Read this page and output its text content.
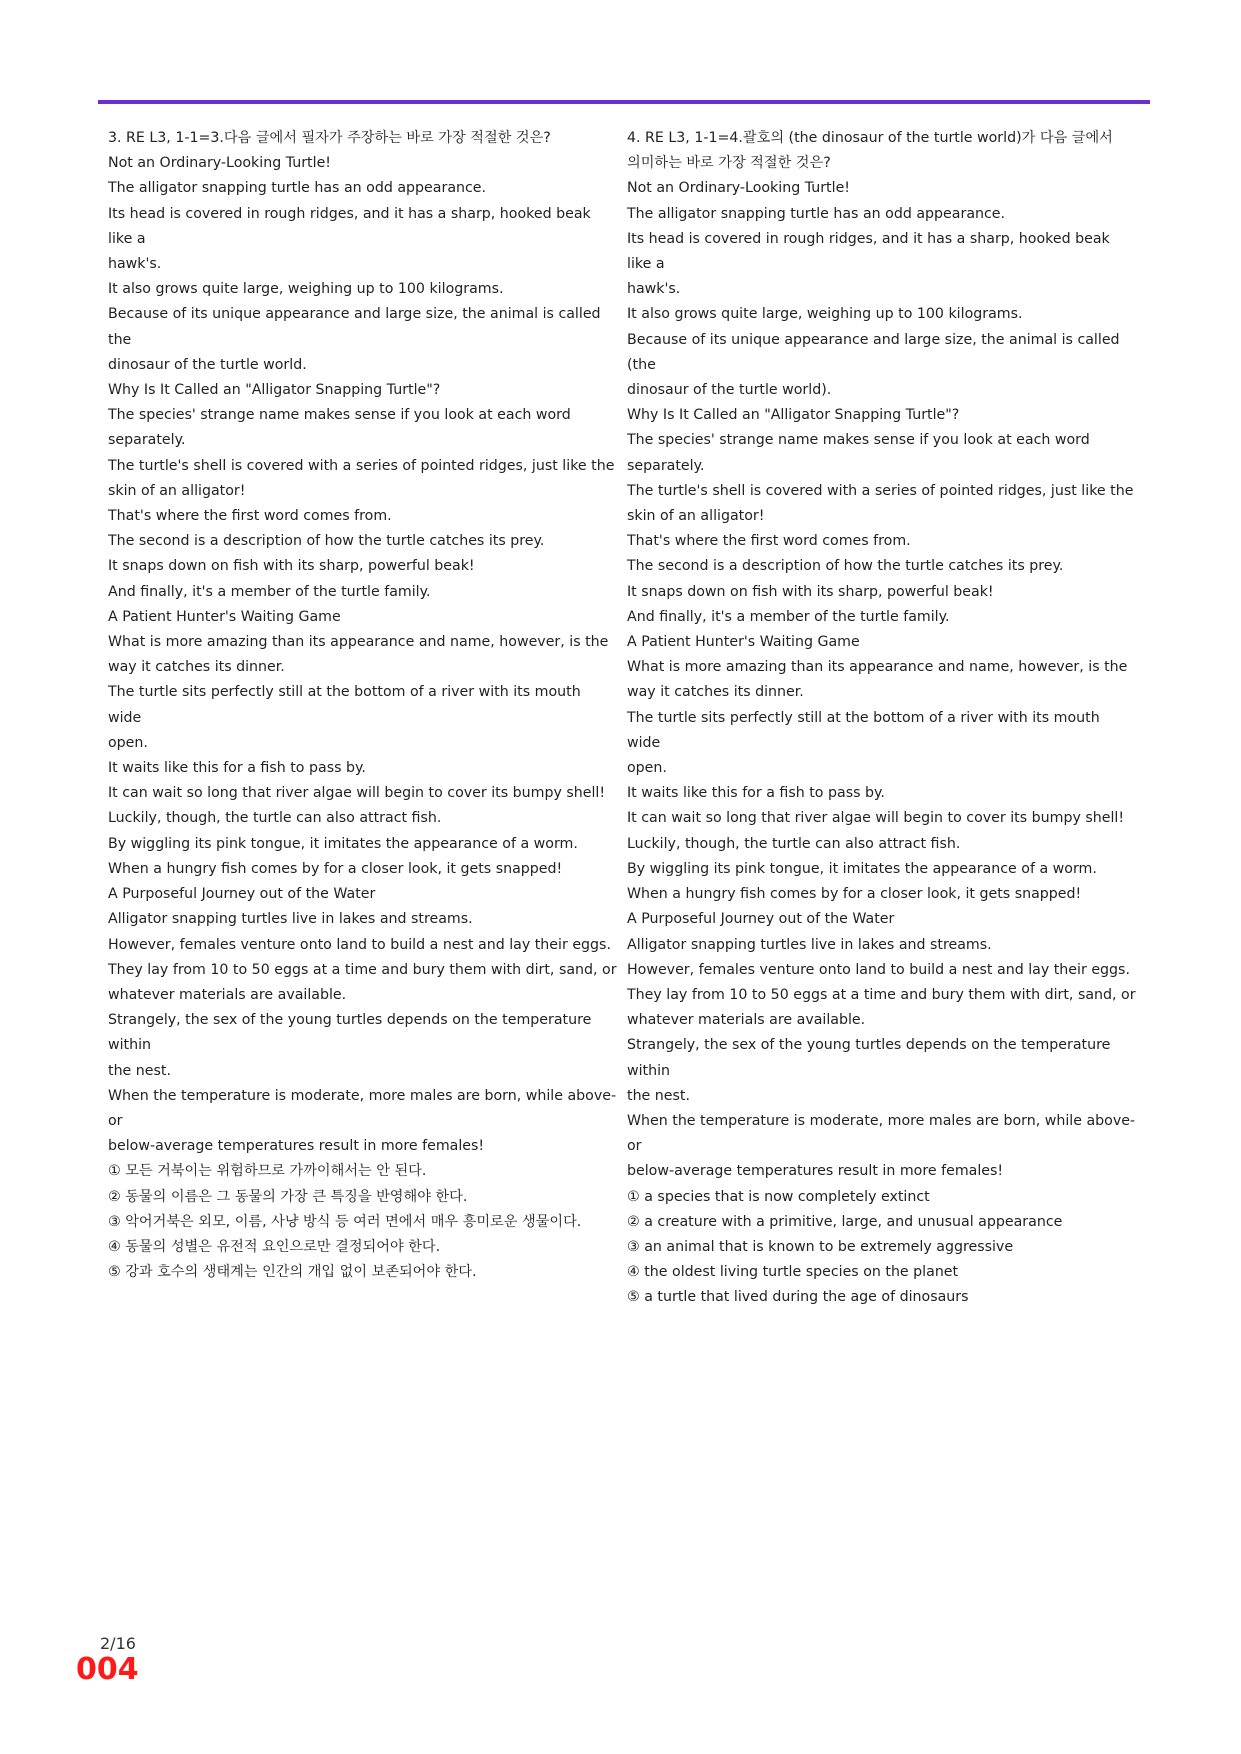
3. RE L3, 1-1=3.다음 글에서 필자가 주장하는 바로 가장 적절한 것은?

Not an Ordinary-Looking Turtle!

The alligator snapping turtle has an odd appearance.

Its head is covered in rough ridges, and it has a sharp, hooked beak like a

hawk's.

It also grows quite large, weighing up to 100 kilograms.

Because of its unique appearance and large size, the animal is called the

dinosaur of the turtle world.

Why Is It Called an "Alligator Snapping Turtle"?

The species' strange name makes sense if you look at each word

separately.

The turtle's shell is covered with a series of pointed ridges, just like the

skin of an alligator!

That's where the first word comes from.

The second is a description of how the turtle catches its prey.

It snaps down on fish with its sharp, powerful beak!

And finally, it's a member of the turtle family.

A Patient Hunter's Waiting Game

What is more amazing than its appearance and name, however, is the

way it catches its dinner.

The turtle sits perfectly still at the bottom of a river with its mouth wide

open.

It waits like this for a fish to pass by.

It can wait so long that river algae will begin to cover its bumpy shell!

Luckily, though, the turtle can also attract fish.

By wiggling its pink tongue, it imitates the appearance of a worm.

When a hungry fish comes by for a closer look, it gets snapped!

A Purposeful Journey out of the Water

Alligator snapping turtles live in lakes and streams.

However, females venture onto land to build a nest and lay their eggs.

They lay from 10 to 50 eggs at a time and bury them with dirt, sand, or

whatever materials are available.

Strangely, the sex of the young turtles depends on the temperature within

the nest.

When the temperature is moderate, more males are born, while above- or

below-average temperatures result in more females!

① 모든 거북이는 위험하므로 가까이해서는 안 된다.

② 동물의 이름은 그 동물의 가장 큰 특징을 반영해야 한다.

③ 악어거북은 외모, 이름, 사냥 방식 등 여러 면에서 매우 흥미로운 생물이다.

④ 동물의 성별은 유전적 요인으로만 결정되어야 한다.

⑤ 강과 호수의 생태계는 인간의 개입 없이 보존되어야 한다.

4. RE L3, 1-1=4.괄호의 (the dinosaur of the turtle world)가 다음 글에서

의미하는 바로 가장 적절한 것은?

Not an Ordinary-Looking Turtle!

The alligator snapping turtle has an odd appearance.

Its head is covered in rough ridges, and it has a sharp, hooked beak like a

hawk's.

It also grows quite large, weighing up to 100 kilograms.

Because of its unique appearance and large size, the animal is called (the

dinosaur of the turtle world).

Why Is It Called an "Alligator Snapping Turtle"?

The species' strange name makes sense if you look at each word

separately.

The turtle's shell is covered with a series of pointed ridges, just like the

skin of an alligator!

That's where the first word comes from.

The second is a description of how the turtle catches its prey.

It snaps down on fish with its sharp, powerful beak!

And finally, it's a member of the turtle family.

A Patient Hunter's Waiting Game

What is more amazing than its appearance and name, however, is the

way it catches its dinner.

The turtle sits perfectly still at the bottom of a river with its mouth wide

open.

It waits like this for a fish to pass by.

It can wait so long that river algae will begin to cover its bumpy shell!

Luckily, though, the turtle can also attract fish.

By wiggling its pink tongue, it imitates the appearance of a worm.

When a hungry fish comes by for a closer look, it gets snapped!

A Purposeful Journey out of the Water

Alligator snapping turtles live in lakes and streams.

However, females venture onto land to build a nest and lay their eggs.

They lay from 10 to 50 eggs at a time and bury them with dirt, sand, or

whatever materials are available.

Strangely, the sex of the young turtles depends on the temperature within

the nest.

When the temperature is moderate, more males are born, while above- or

below-average temperatures result in more females!

① a species that is now completely extinct

② a creature with a primitive, large, and unusual appearance

③ an animal that is known to be extremely aggressive

④ the oldest living turtle species on the planet

⑤ a turtle that lived during the age of dinosaurs

2/16
004
